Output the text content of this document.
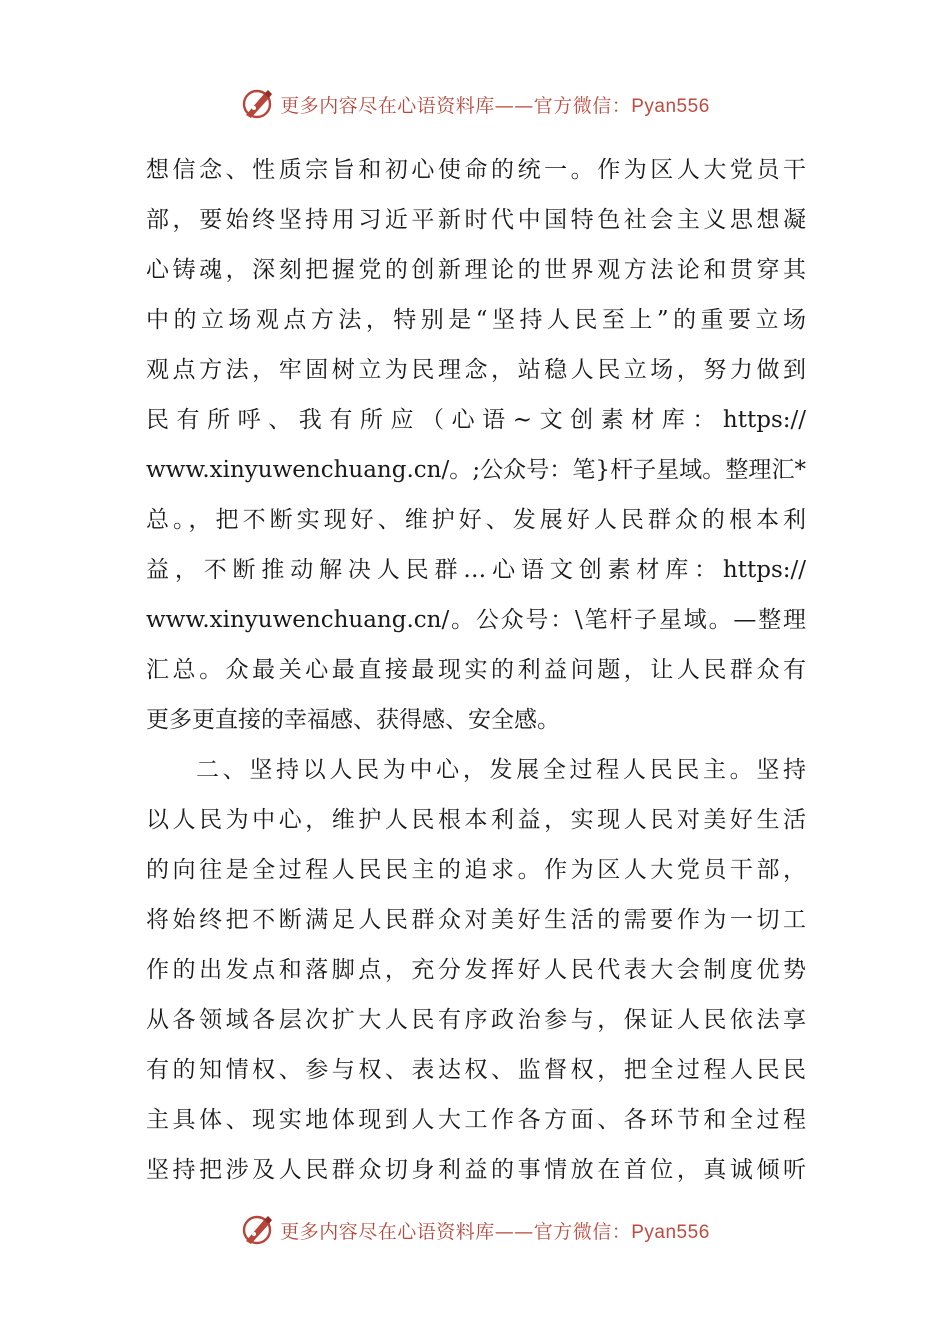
更多内容尽在心语资料库——官方微信：Pyan556
想信念、性质宗旨和初心使命的统一。作为区人大党员干
部，要始终坚持用习近平新时代中国特色社会主义思想凝
心铸魂，深刻把握党的创新理论的世界观方法论和贯穿其
中的立场观点方法，特别是“坚持人民至上”的重要立场
观点方法，牢固树立为民理念，站稳人民立场，努力做到
民有所呼、我有所应（心语~文创素材库：https://
www.xinyuwenchuang.cn/。;公众号：笔}杆子星域。整理汇*
总。，把不断实现好、维护好、发展好人民群众的根本利
益，不断推动解决人民群…心语文创素材库：https://
www.xinyuwenchuang.cn/。公众号：\笔杆子星域。—整理
汇总。众最关心最直接最现实的利益问题，让人民群众有
更多更直接的幸福感、获得感、安全感。
二、坚持以人民为中心，发展全过程人民民主。坚持
以人民为中心，维护人民根本利益，实现人民对美好生活
的向往是全过程人民民主的追求。作为区人大党员干部，
将始终把不断满足人民群众对美好生活的需要作为一切工
作的出发点和落脚点，充分发挥好人民代表大会制度优势
从各领域各层次扩大人民有序政治参与，保证人民依法享
有的知情权、参与权、表达权、监督权，把全过程人民民
主具体、现实地体现到人大工作各方面、各环节和全过程
坚持把涉及人民群众切身利益的事情放在首位，真诚倾听
更多内容尽在心语资料库——官方微信：Pyan556
